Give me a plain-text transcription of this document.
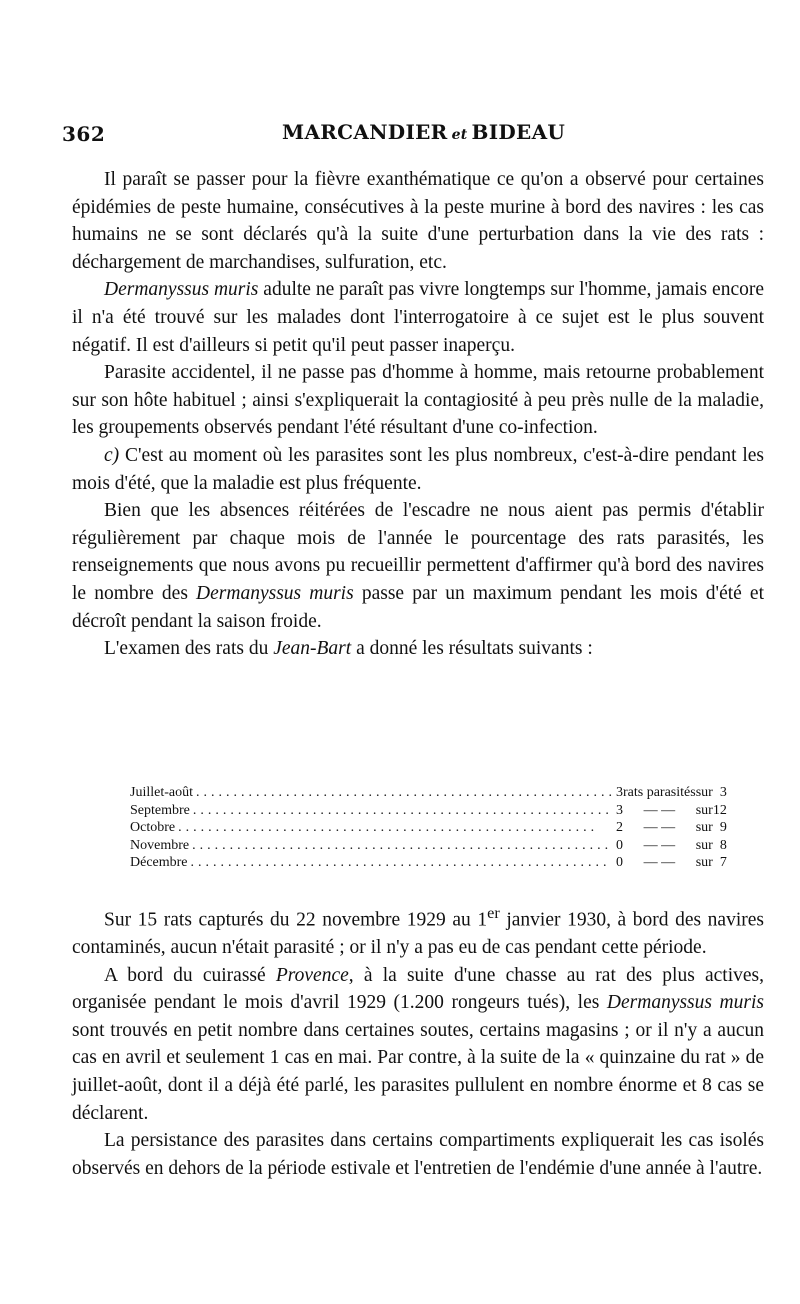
362	MARCANDIER et BIDEAU

Il paraît se passer pour la fièvre exanthématique ce qu'on a observé pour certaines épidémies de peste humaine, consécutives à la peste murine à bord des navires : les cas humains ne se sont déclarés qu'à la suite d'une perturbation dans la vie des rats : déchargement de marchandises, sulfuration, etc.

Dermanyssus muris adulte ne paraît pas vivre longtemps sur l'homme, jamais encore il n'a été trouvé sur les malades dont l'interrogatoire à ce sujet est le plus souvent négatif. Il est d'ailleurs si petit qu'il peut passer inaperçu.

Parasite accidentel, il ne passe pas d'homme à homme, mais retourne probablement sur son hôte habituel ; ainsi s'expliquerait la contagiosité à peu près nulle de la maladie, les groupements observés pendant l'été résultant d'une co-infection.

c) C'est au moment où les parasites sont les plus nombreux, c'est-à-dire pendant les mois d'été, que la maladie est plus fréquente.

Bien que les absences réitérées de l'escadre ne nous aient pas permis d'établir régulièrement par chaque mois de l'année le pourcentage des rats parasités, les renseignements que nous avons pu recueillir permettent d'affirmer qu'à bord des navires le nombre des Dermanyssus muris passe par un maximum pendant les mois d'été et décroît pendant la saison froide.

L'examen des rats du Jean-Bart a donné les résultats suivants :

Juillet-août ........................................................	3	rats parasités	sur	3
Septembre ........................................................	3	— —	sur	12
Octobre ........................................................	2	— —	sur	9
Novembre ........................................................	0	— —	sur	8
Décembre ........................................................	0	— —	sur	7

Sur 15 rats capturés du 22 novembre 1929 au 1er janvier 1930, à bord des navires contaminés, aucun n'était parasité ; or il n'y a pas eu de cas pendant cette période.

A bord du cuirassé Provence, à la suite d'une chasse au rat des plus actives, organisée pendant le mois d'avril 1929 (1.200 rongeurs tués), les Dermanyssus muris sont trouvés en petit nombre dans certaines soutes, certains magasins ; or il n'y a aucun cas en avril et seulement 1 cas en mai. Par contre, à la suite de la « quinzaine du rat » de juillet-août, dont il a déjà été parlé, les parasites pullulent en nombre énorme et 8 cas se déclarent.

La persistance des parasites dans certains compartiments expliquerait les cas isolés observés en dehors de la période estivale et l'entretien de l'endémie d'une année à l'autre.
